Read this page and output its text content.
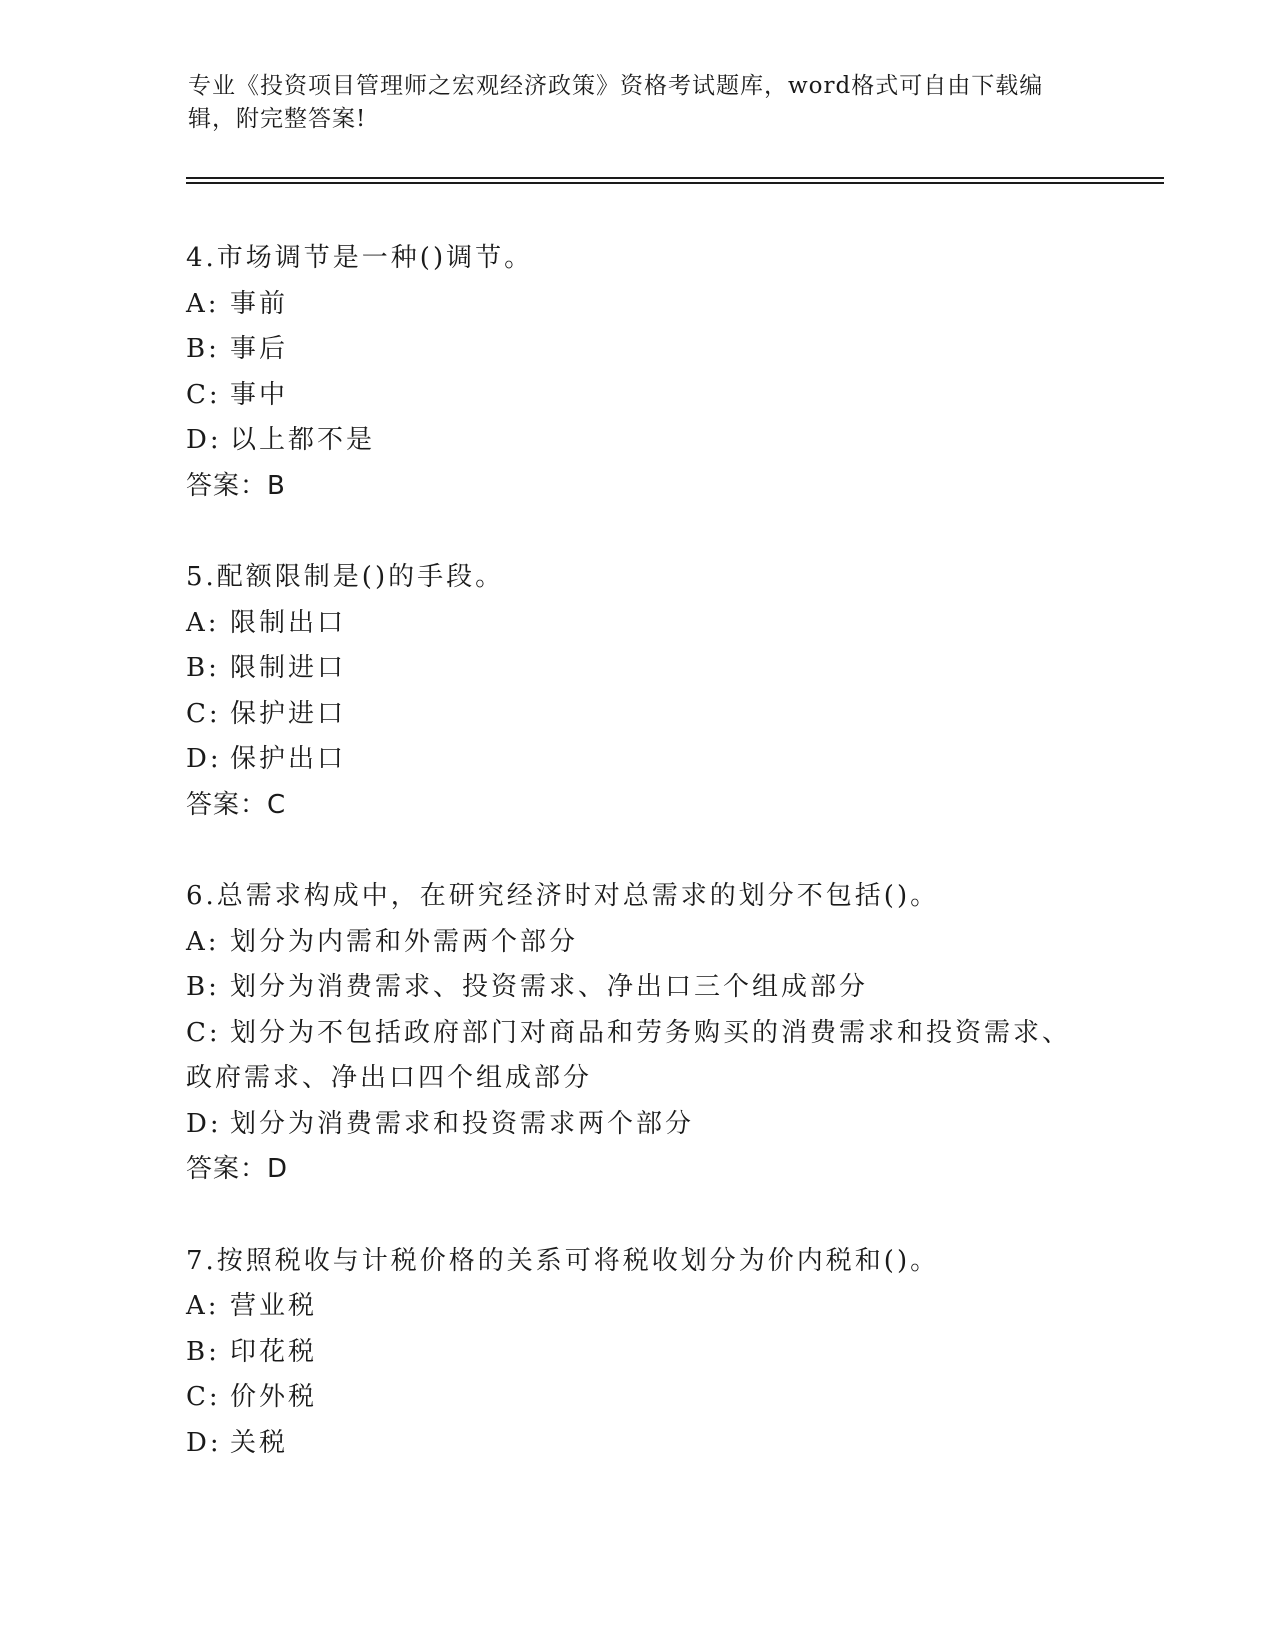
专业《投资项目管理师之宏观经济政策》资格考试题库，word格式可自由下载编辑，附完整答案!
4.市场调节是一种()调节。
A: 事前
B: 事后
C: 事中
D: 以上都不是
答案：B
5.配额限制是()的手段。
A: 限制出口
B: 限制进口
C: 保护进口
D: 保护出口
答案：C
6.总需求构成中，在研究经济时对总需求的划分不包括()。
A: 划分为内需和外需两个部分
B: 划分为消费需求、投资需求、净出口三个组成部分
C: 划分为不包括政府部门对商品和劳务购买的消费需求和投资需求、政府需求、净出口四个组成部分
D: 划分为消费需求和投资需求两个部分
答案：D
7.按照税收与计税价格的关系可将税收划分为价内税和()。
A: 营业税
B: 印花税
C: 价外税
D: 关税
